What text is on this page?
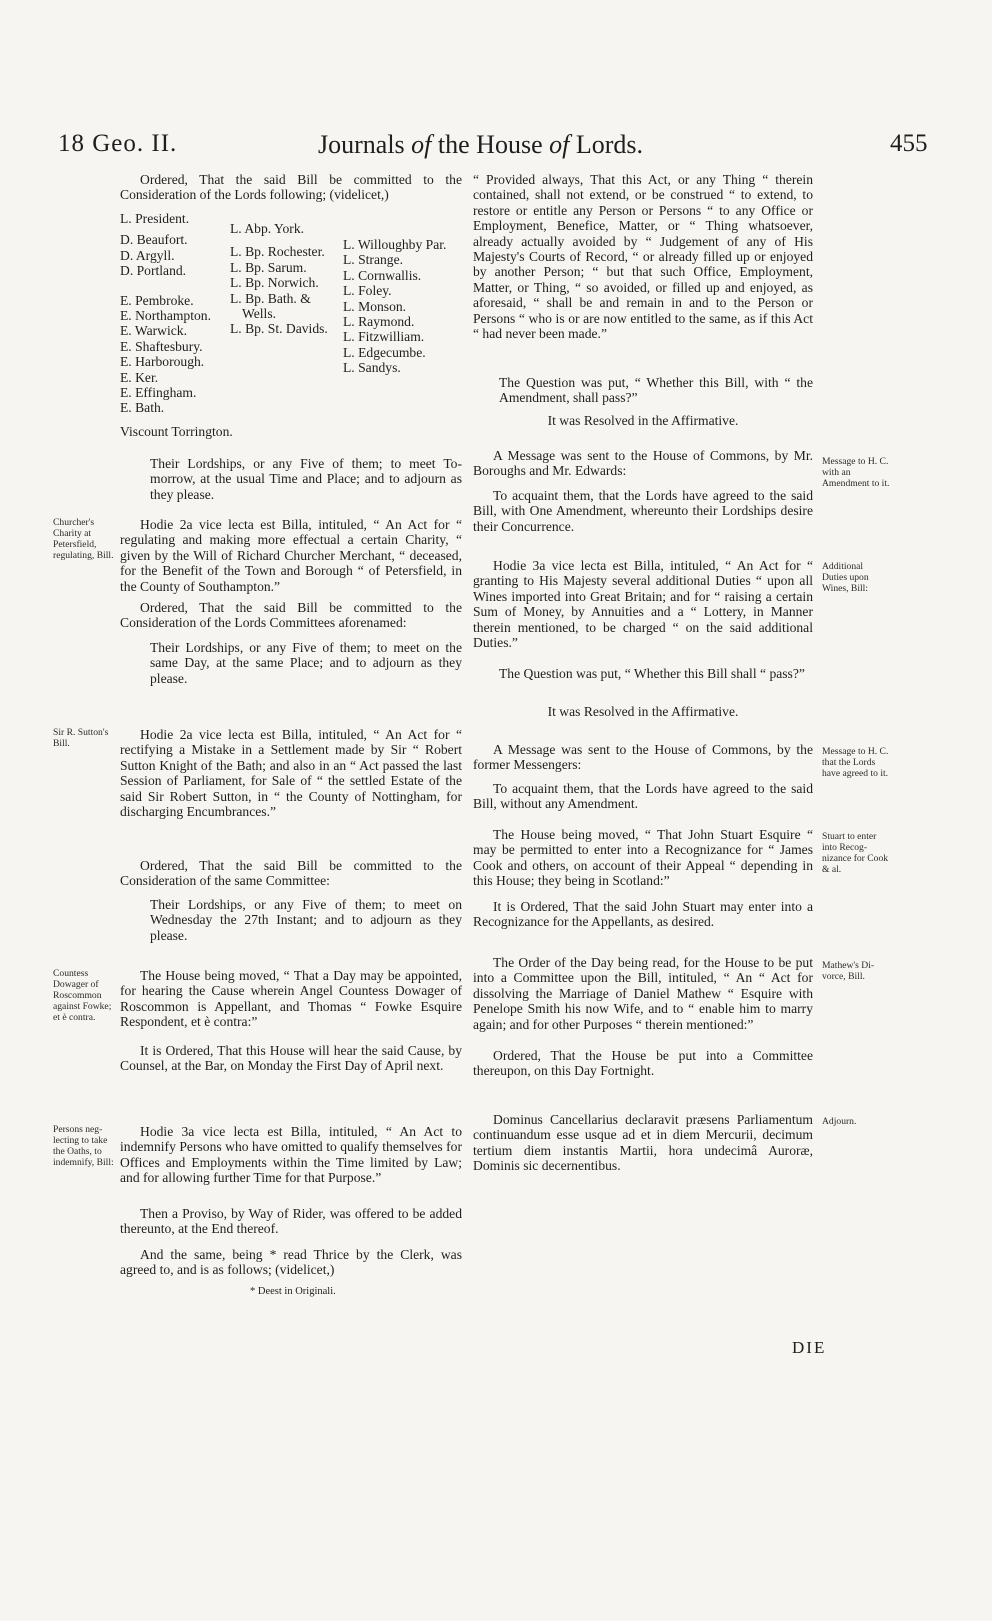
18 Geo. II.	Journals of the House of Lords.	455

Ordered, That the said Bill be committed to the Consideration of the Lords following; (videlicet,)

L. President.
D. Beaufort.
D. Argyll.
D. Portland.
E. Pembroke.
E. Northampton.
E. Warwick.
E. Shaftesbury.
E. Harborough.
E. Ker.
E. Effingham.
E. Bath.
L. Abp. York.
L. Bp. Rochester.
L. Bp. Sarum.
L. Bp. Norwich.
L. Bp. Bath. &
Wells.
L. Bp. St. Davids.
L. Willoughby Par.
L. Strange.
L. Cornwallis.
L. Foley.
L. Monson.
L. Raymond.
L. Fitzwilliam.
L. Edgecumbe.
L. Sandys.
Viscount Torrington.

Their Lordships, or any Five of them; to meet To-morrow, at the usual Time and Place; and to adjourn as they please.

Churcher's Charity at Petersfield, regulating, Bill.

Hodie 2a vice lecta est Billa, intituled, “ An Act for “ regulating and making more effectual a certain Charity, “ given by the Will of Richard Churcher Merchant, “ deceased, for the Benefit of the Town and Borough “ of Petersfield, in the County of Southampton.”

Ordered, That the said Bill be committed to the Consideration of the Lords Committees aforenamed:

Their Lordships, or any Five of them; to meet on the same Day, at the same Place; and to adjourn as they please.

Sir R. Sutton's Bill.

Hodie 2a vice lecta est Billa, intituled, “ An Act for “ rectifying a Mistake in a Settlement made by Sir “ Robert Sutton Knight of the Bath; and also in an “ Act passed the last Session of Parliament, for Sale of “ the settled Estate of the said Sir Robert Sutton, in “ the County of Nottingham, for discharging Encumbrances.”

Ordered, That the said Bill be committed to the Consideration of the same Committee:

Their Lordships, or any Five of them; to meet on Wednesday the 27th Instant; and to adjourn as they please.

Countess Dowager of Roscommon against Fowke; et è contra.

The House being moved, “ That a Day may be appointed, for hearing the Cause wherein Angel Countess Dowager of Roscommon is Appellant, and Thomas “ Fowke Esquire Respondent, et è contra:”

It is Ordered, That this House will hear the said Cause, by Counsel, at the Bar, on Monday the First Day of April next.

Persons neglecting to take the Oaths, to indemnify, Bill:

Hodie 3a vice lecta est Billa, intituled, “ An Act to indemnify Persons who have omitted to qualify themselves for Offices and Employments within the Time limited by Law; and for allowing further Time for that Purpose.”

Then a Proviso, by Way of Rider, was offered to be added thereunto, at the End thereof.

And the same, being * read Thrice by the Clerk, was agreed to, and is as follows; (videlicet,)

* Deest in Originali.

“ Provided always, That this Act, or any Thing “ therein contained, shall not extend, or be construed “ to extend, to restore or entitle any Person or Persons “ to any Office or Employment, Benefice, Matter, or “ Thing whatsoever, already actually avoided by “ Judgement of any of His Majesty's Courts of Record, “ or already filled up or enjoyed by another Person; “ but that such Office, Employment, Matter, or Thing, “ so avoided, or filled up and enjoyed, as aforesaid, “ shall be and remain in and to the Person or Persons “ who is or are now entitled to the same, as if this Act “ had never been made.”

The Question was put, “ Whether this Bill, with “ the Amendment, shall pass?”

It was Resolved in the Affirmative.

Message to H. C. with an Amendment to it.

A Message was sent to the House of Commons, by Mr. Boroughs and Mr. Edwards:

To acquaint them, that the Lords have agreed to the said Bill, with One Amendment, whereunto their Lordships desire their Concurrence.

Additional Duties upon Wines, Bill:

Hodie 3a vice lecta est Billa, intituled, “ An Act for “ granting to His Majesty several additional Duties “ upon all Wines imported into Great Britain; and for “ raising a certain Sum of Money, by Annuities and a “ Lottery, in Manner therein mentioned, to be charged “ on the said additional Duties.”

The Question was put, “ Whether this Bill shall “ pass?”

It was Resolved in the Affirmative.

Message to H. C. that the Lords have agreed to it.

A Message was sent to the House of Commons, by the former Messengers:

To acquaint them, that the Lords have agreed to the said Bill, without any Amendment.

Stuart to enter into Recognizance for Cook & al.

The House being moved, “ That John Stuart Esquire “ may be permitted to enter into a Recognizance for “ James Cook and others, on account of their Appeal “ depending in this House; they being in Scotland:”

It is Ordered, That the said John Stuart may enter into a Recognizance for the Appellants, as desired.

Mathew's Divorce, Bill.

The Order of the Day being read, for the House to be put into a Committee upon the Bill, intituled, “ An “ Act for dissolving the Marriage of Daniel Mathew “ Esquire with Penelope Smith his now Wife, and to “ enable him to marry again; and for other Purposes “ therein mentioned:”

Ordered, That the House be put into a Committee thereupon, on this Day Fortnight.

Adjourn.

Dominus Cancellarius declaravit præsens Parliamentum continuandum esse usque ad et in diem Mercurii, decimum tertium diem instantis Martii, hora undecimâ Auroræ, Dominis sic decernentibus.

DIE
